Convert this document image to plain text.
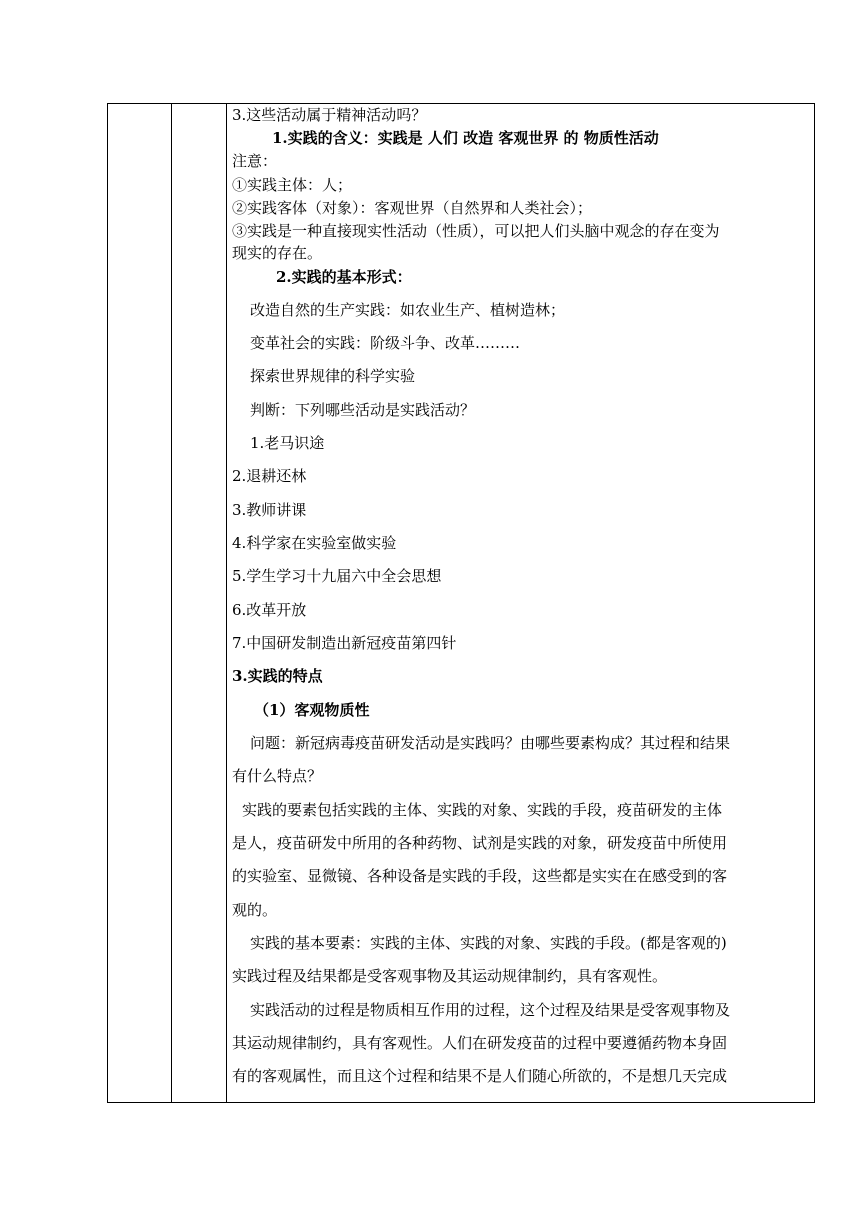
3.这些活动属于精神活动吗？
1.实践的含义：实践是 人们 改造 客观世界 的 物质性活动
注意：
①实践主体：人；
②实践客体（对象）：客观世界（自然界和人类社会）；
③实践是一种直接现实性活动（性质），可以把人们头脑中观念的存在变为
现实的存在。
2.实践的基本形式：
改造自然的生产实践：如农业生产、植树造林；
变革社会的实践：阶级斗争、改革………
探索世界规律的科学实验
判断：下列哪些活动是实践活动？
1.老马识途
2.退耕还林
3.教师讲课
4.科学家在实验室做实验
5.学生学习十九届六中全会思想
6.改革开放
7.中国研发制造出新冠疫苗第四针
3.实践的特点
（1）客观物质性
问题：新冠病毒疫苗研发活动是实践吗？由哪些要素构成？其过程和结果
有什么特点？
实践的要素包括实践的主体、实践的对象、实践的手段，疫苗研发的主体
是人，疫苗研发中所用的各种药物、试剂是实践的对象，研发疫苗中所使用
的实验室、显微镜、各种设备是实践的手段，这些都是实实在在感受到的客
观的。
实践的基本要素：实践的主体、实践的对象、实践的手段。(都是客观的)
实践过程及结果都是受客观事物及其运动规律制约，具有客观性。
实践活动的过程是物质相互作用的过程，这个过程及结果是受客观事物及
其运动规律制约，具有客观性。人们在研发疫苗的过程中要遵循药物本身固
有的客观属性，而且这个过程和结果不是人们随心所欲的，不是想几天完成
